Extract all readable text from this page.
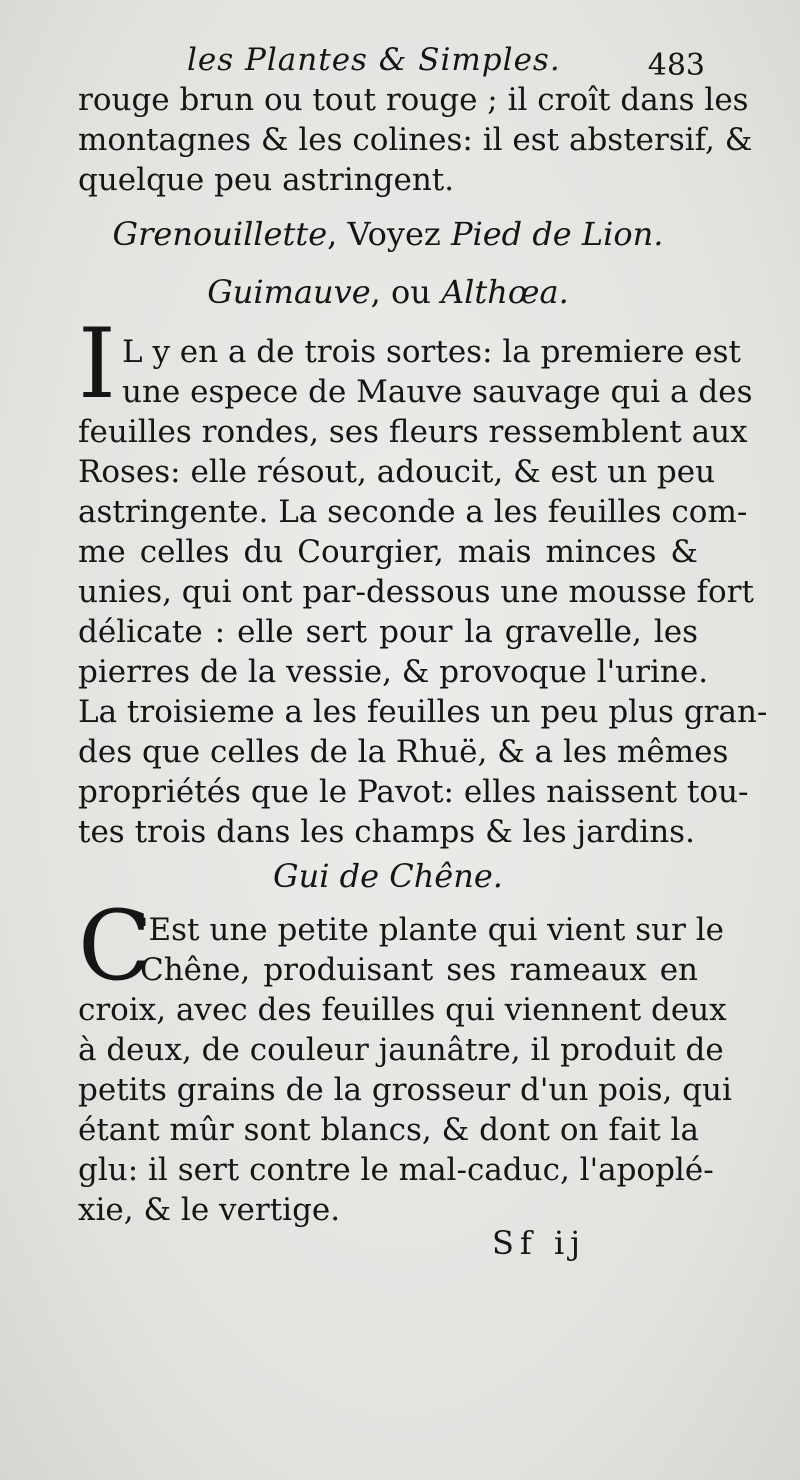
les Plantes & Simples.	483
rouge brun ou tout rouge ; il croît dans les
montagnes & les colines: il est abstersif, &
quelque peu astringent.
Grenouillette, Voyez Pied de Lion.
Guimauve, ou Althœa.
I L y en a de trois sortes: la premiere est
une espece de Mauve sauvage qui a des
feuilles rondes, ses fleurs ressemblent aux
Roses: elle résout, adoucit, & est un peu
astringente. La seconde a les feuilles com-
me celles du Courgier, mais minces &
unies, qui ont par-dessous une mousse fort
délicate : elle sert pour la gravelle, les
pierres de la vessie, & provoque l'urine.
La troisieme a les feuilles un peu plus gran-
des que celles de la Rhuë, & a les mêmes
propriétés que le Pavot: elles naissent tou-
tes trois dans les champs & les jardins.
Gui de Chêne.
C
'Est une petite plante qui vient sur le
Chêne, produisant ses rameaux en
croix, avec des feuilles qui viennent deux
à deux, de couleur jaunâtre, il produit de
petits grains de la grosseur d'un pois, qui
étant mûr sont blancs, & dont on fait la
glu: il sert contre le mal-caduc, l'apoplé-
xie, & le vertige.
Sf ij
